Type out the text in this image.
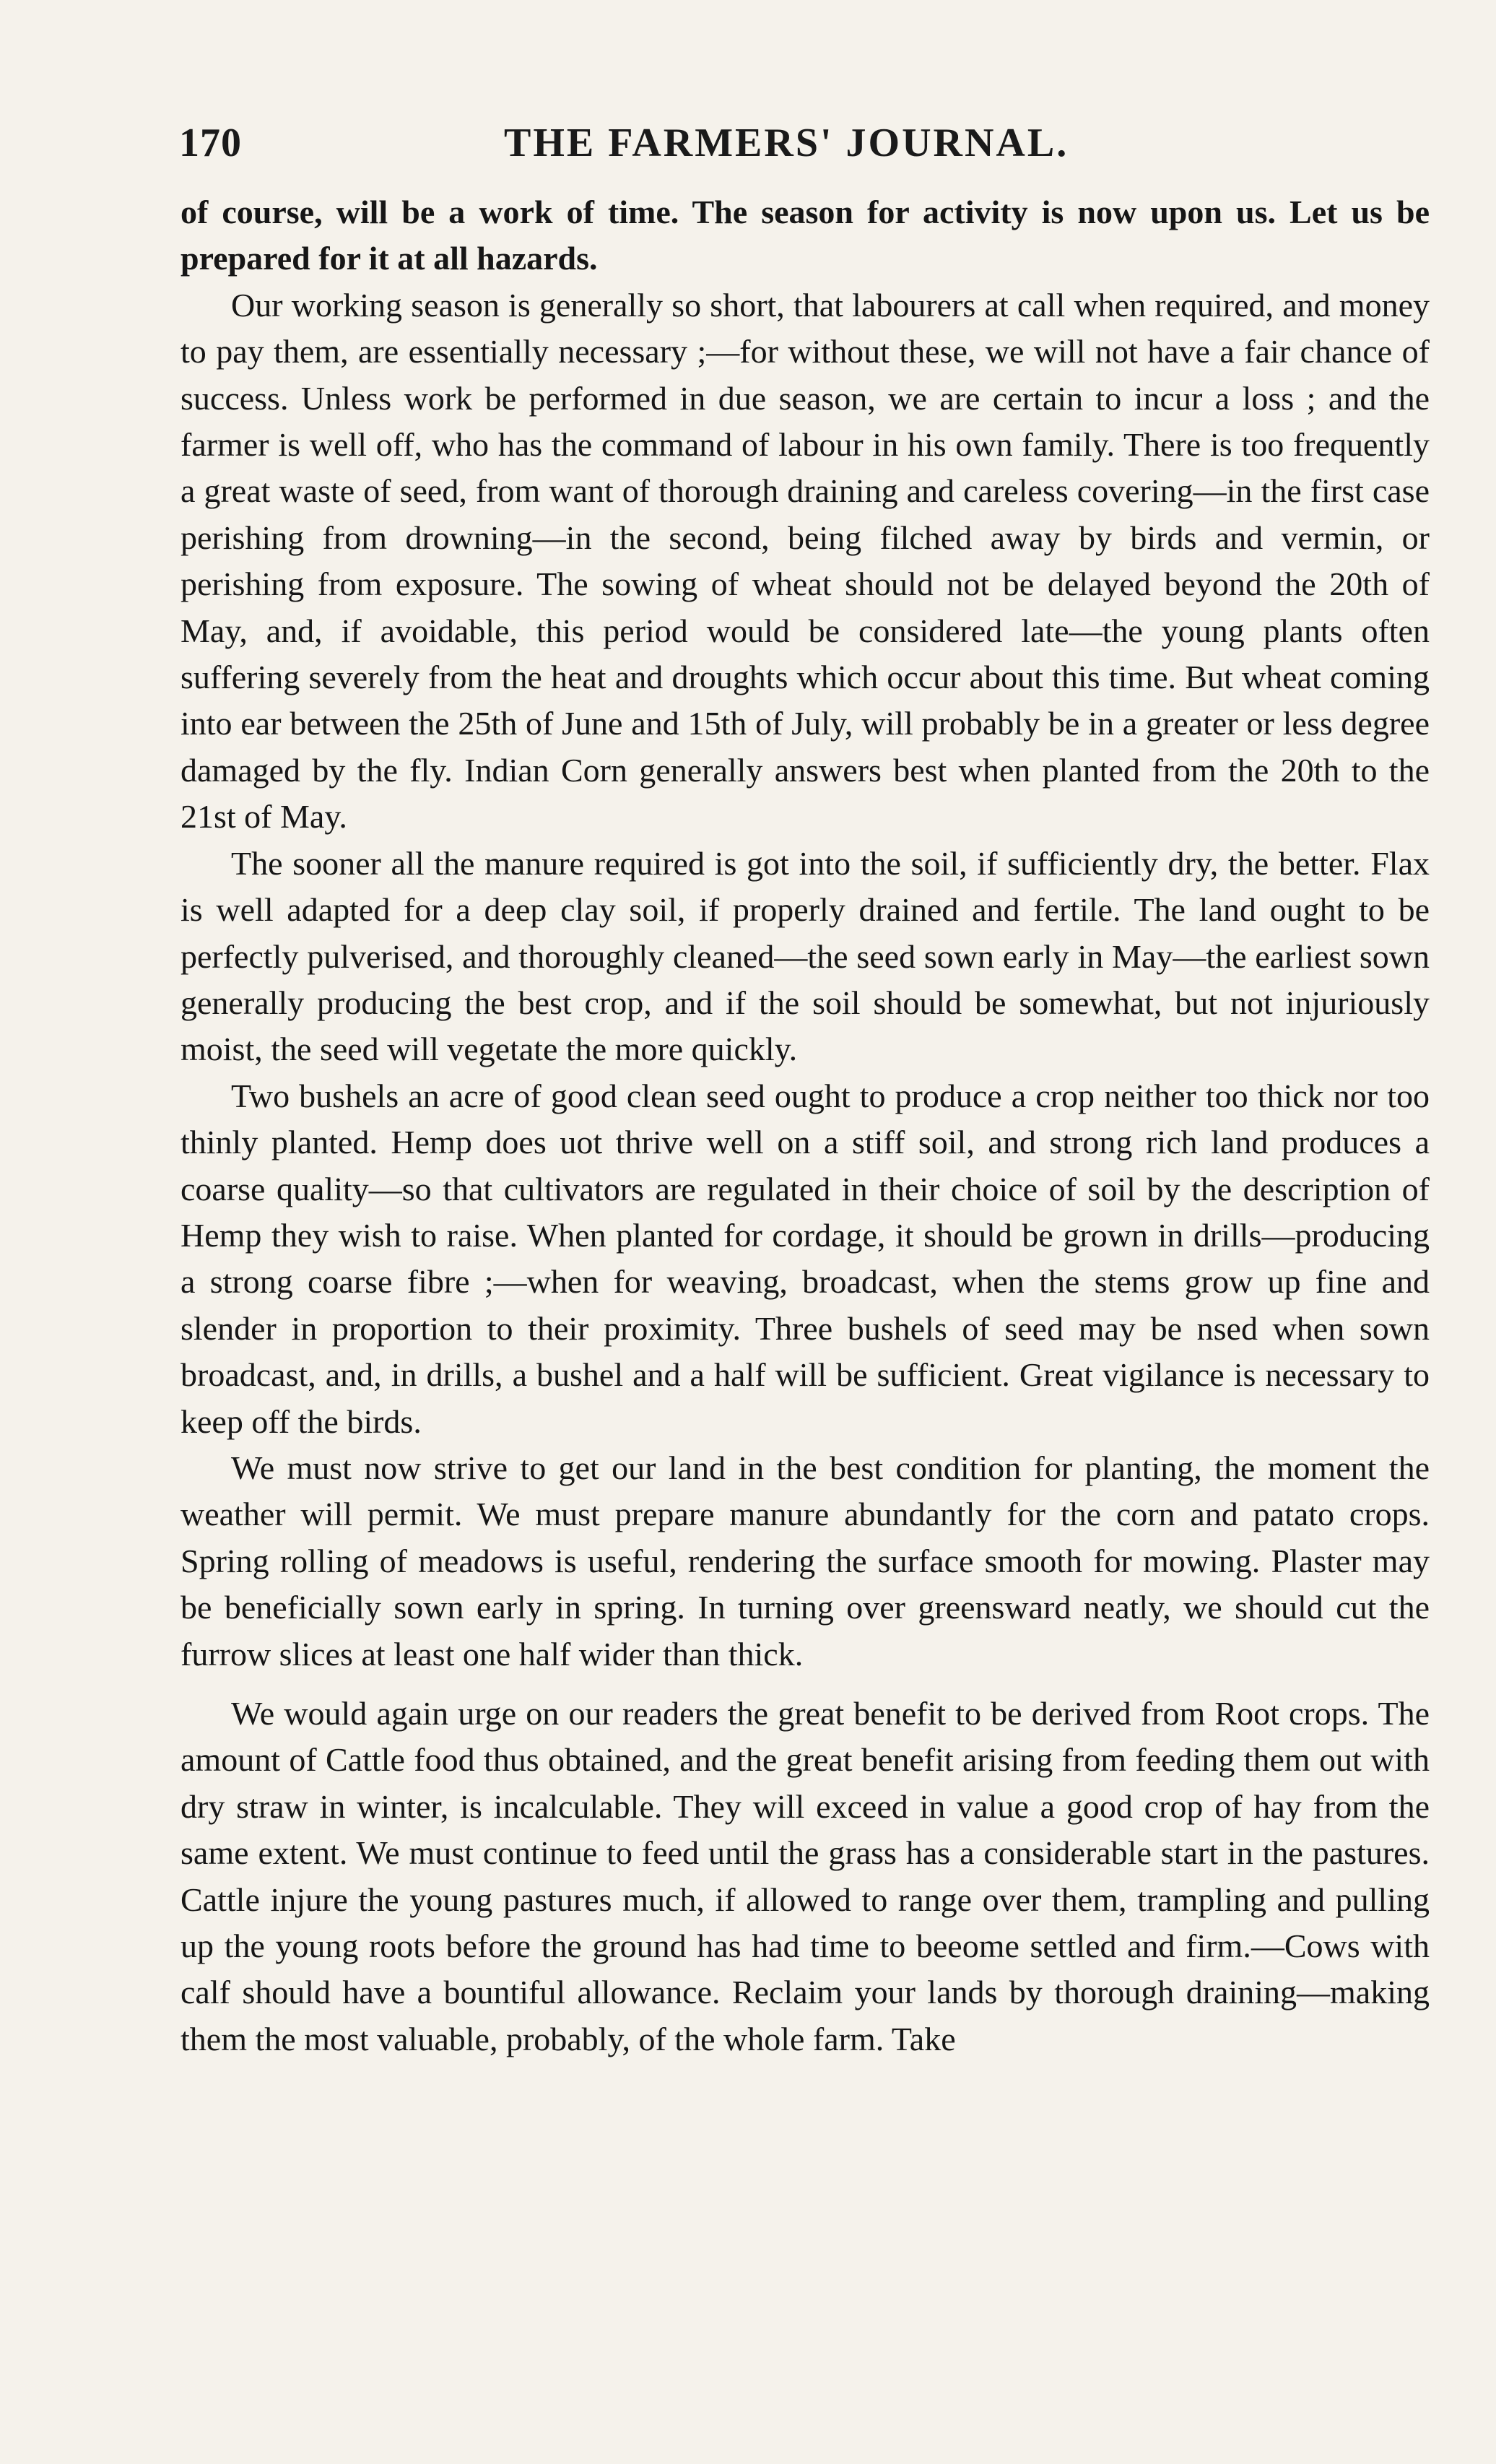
170	THE FARMERS' JOURNAL.

of course, will be a work of time. The season for activity is now upon us. Let us be prepared for it at all hazards.

Our working season is generally so short, that labourers at call when required, and money to pay them, are essentially necessary ;—for without these, we will not have a fair chance of success. Unless work be performed in due season, we are certain to incur a loss ; and the farmer is well off, who has the command of labour in his own family. There is too frequently a great waste of seed, from want of thorough draining and careless covering—in the first case perishing from drowning—in the second, being filched away by birds and vermin, or perishing from exposure. The sowing of wheat should not be delayed beyond the 20th of May, and, if avoidable, this period would be considered late—the young plants often suffering severely from the heat and droughts which occur about this time. But wheat coming into ear between the 25th of June and 15th of July, will probably be in a greater or less degree damaged by the fly. Indian Corn generally answers best when planted from the 20th to the 21st of May.

The sooner all the manure required is got into the soil, if sufficiently dry, the better. Flax is well adapted for a deep clay soil, if properly drained and fertile. The land ought to be perfectly pulverised, and thoroughly cleaned—the seed sown early in May—the earliest sown generally producing the best crop, and if the soil should be somewhat, but not injuriously moist, the seed will vegetate the more quickly.

Two bushels an acre of good clean seed ought to produce a crop neither too thick nor too thinly planted. Hemp does uot thrive well on a stiff soil, and strong rich land produces a coarse quality—so that cultivators are regulated in their choice of soil by the description of Hemp they wish to raise. When planted for cordage, it should be grown in drills—producing a strong coarse fibre ;—when for weaving, broadcast, when the stems grow up fine and slender in proportion to their proximity. Three bushels of seed may be nsed when sown broadcast, and, in drills, a bushel and a half will be sufficient. Great vigilance is necessary to keep off the birds.

We must now strive to get our land in the best condition for planting, the moment the weather will permit. We must prepare manure abundantly for the corn and patato crops. Spring rolling of meadows is useful, rendering the surface smooth for mowing. Plaster may be beneficially sown early in spring. In turning over greensward neatly, we should cut the furrow slices at least one half wider than thick.

We would again urge on our readers the great benefit to be derived from Root crops. The amount of Cattle food thus obtained, and the great benefit arising from feeding them out with dry straw in winter, is incalculable. They will exceed in value a good crop of hay from the same extent. We must continue to feed until the grass has a considerable start in the pastures. Cattle injure the young pastures much, if allowed to range over them, trampling and pulling up the young roots before the ground has had time to beeome settled and firm.—Cows with calf should have a bountiful allowance. Reclaim your lands by thorough draining—making them the most valuable, probably, of the whole farm. Take
